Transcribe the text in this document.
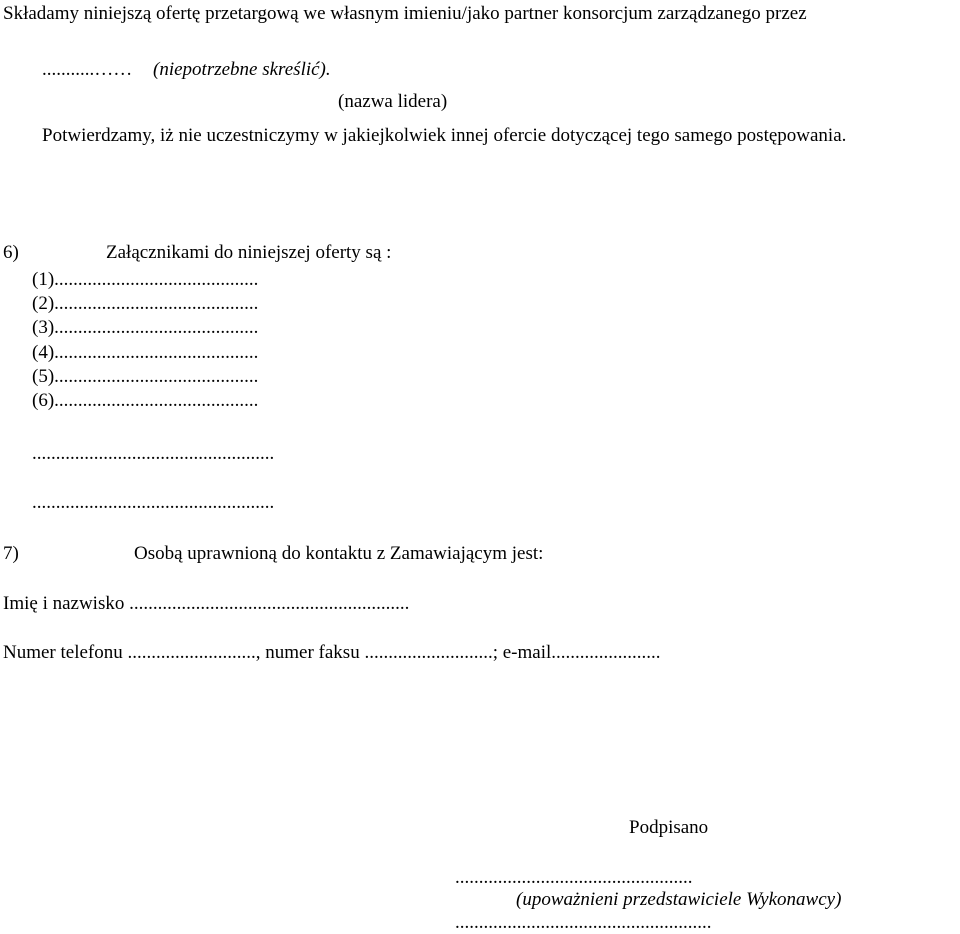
Składamy niniejszą ofertę przetargową we własnym imieniu/jako partner konsorcjum zarządzanego przez
...........…… (niepotrzebne skreślić).
(nazwa lidera)
Potwierdzamy, iż nie uczestniczymy w jakiejkolwiek innej ofercie dotyczącej tego samego postępowania.
6)	Załącznikami do niniejszej oferty są :
(1)...........................................
(2)...........................................
(3)...........................................
(4)...........................................
(5)...........................................
(6)...........................................
...................................................
...................................................
7)	Osobą uprawnioną do kontaktu z Zamawiającym jest:
Imię i nazwisko ...........................................................
Numer telefonu ..........................., numer faksu ...........................; e-mail.......................
Podpisano
..................................................
(upoważnieni przedstawiciele Wykonawcy)
......................................................
